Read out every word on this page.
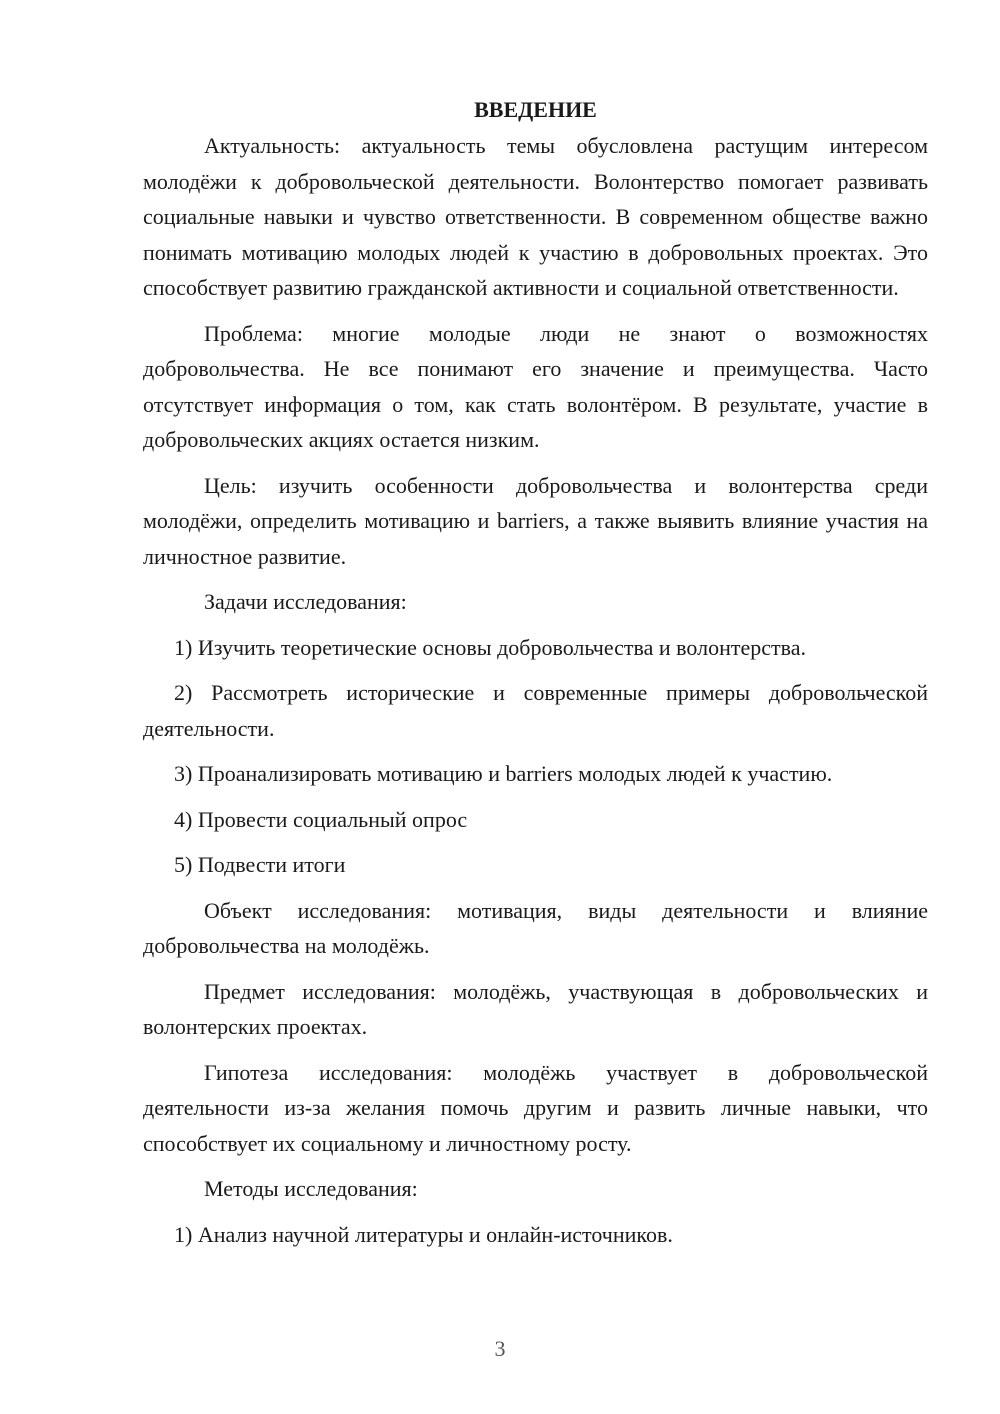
ВВЕДЕНИЕ
Актуальность: актуальность темы обусловлена растущим интересом молодёжи к добровольческой деятельности. Волонтерство помогает развивать социальные навыки и чувство ответственности. В современном обществе важно понимать мотивацию молодых людей к участию в добровольных проектах. Это способствует развитию гражданской активности и социальной ответственности.
Проблема: многие молодые люди не знают о возможностях добровольчества. Не все понимают его значение и преимущества. Часто отсутствует информация о том, как стать волонтёром. В результате, участие в добровольческих акциях остается низким.
Цель: изучить особенности добровольчества и волонтерства среди молодёжи, определить мотивацию и barriers, а также выявить влияние участия на личностное развитие.
Задачи исследования:
1) Изучить теоретические основы добровольчества и волонтерства.
2) Рассмотреть исторические и современные примеры добровольческой деятельности.
3) Проанализировать мотивацию и barriers молодых людей к участию.
4) Провести социальный опрос
5) Подвести итоги
Объект исследования: мотивация, виды деятельности и влияние добровольчества на молодёжь.
Предмет исследования: молодёжь, участвующая в добровольческих и волонтерских проектах.
Гипотеза исследования: молодёжь участвует в добровольческой деятельности из-за желания помочь другим и развить личные навыки, что способствует их социальному и личностному росту.
Методы исследования:
1) Анализ научной литературы и онлайн-источников.
3
